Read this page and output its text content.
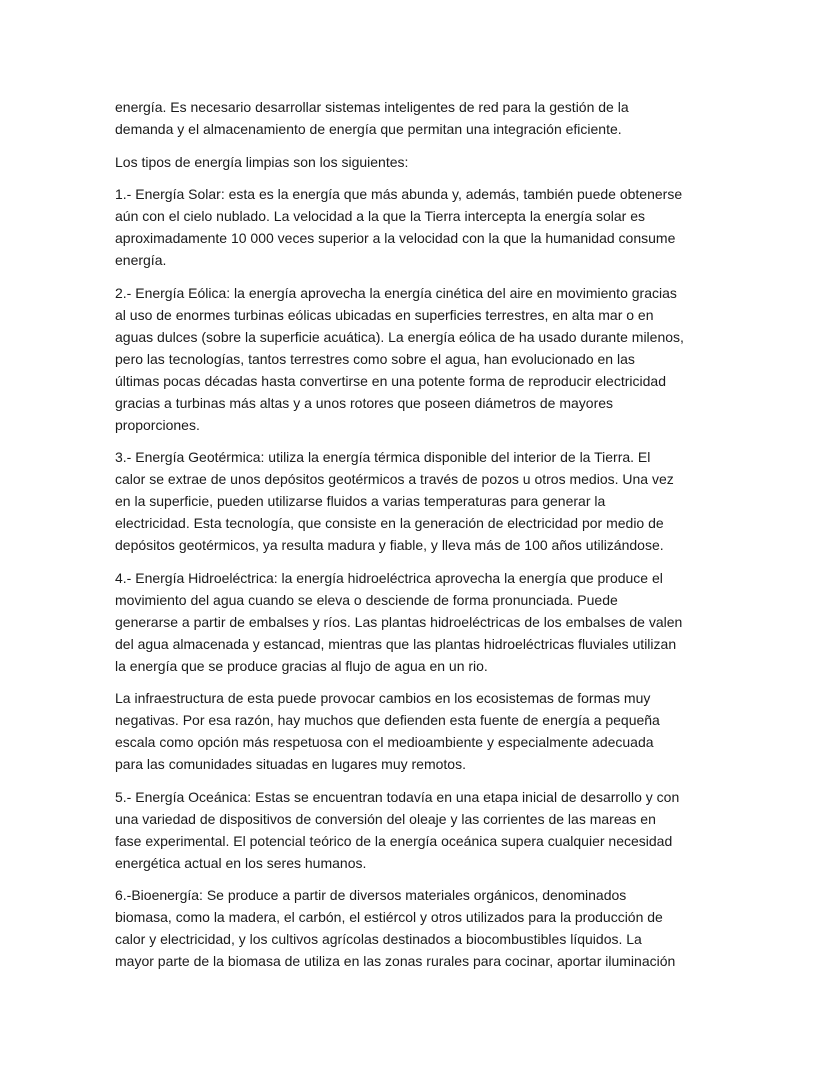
energía. Es necesario desarrollar sistemas inteligentes de red para la gestión de la
demanda y el almacenamiento de energía que permitan una integración eficiente.

Los tipos de energía limpias son los siguientes:

1.- Energía Solar: esta es la energía que más abunda y, además, también puede obtenerse
aún con el cielo nublado. La velocidad a la que la Tierra intercepta la energía solar es
aproximadamente 10 000 veces superior a la velocidad con la que la humanidad consume
energía.

2.- Energía Eólica: la energía aprovecha la energía cinética del aire en movimiento gracias
al uso de enormes turbinas eólicas ubicadas en superficies terrestres, en alta mar o en
aguas dulces (sobre la superficie acuática). La energía eólica de ha usado durante milenos,
pero las tecnologías, tantos terrestres como sobre el agua, han evolucionado en las
últimas pocas décadas hasta convertirse en una potente forma de reproducir electricidad
gracias a turbinas más altas y a unos rotores que poseen diámetros de mayores
proporciones.

3.- Energía Geotérmica: utiliza la energía térmica disponible del interior de la Tierra. El
calor se extrae de unos depósitos geotérmicos a través de pozos u otros medios. Una vez
en la superficie, pueden utilizarse fluidos a varias temperaturas para generar la
electricidad. Esta tecnología, que consiste en la generación de electricidad por medio de
depósitos geotérmicos, ya resulta madura y fiable, y lleva más de 100 años utilizándose.

4.- Energía Hidroeléctrica: la energía hidroeléctrica aprovecha la energía que produce el
movimiento del agua cuando se eleva o desciende de forma pronunciada. Puede
generarse a partir de embalses y ríos. Las plantas hidroeléctricas de los embalses de valen
del agua almacenada y estancad, mientras que las plantas hidroeléctricas fluviales utilizan
la energía que se produce gracias al flujo de agua en un rio.

La infraestructura de esta puede provocar cambios en los ecosistemas de formas muy
negativas. Por esa razón, hay muchos que defienden esta fuente de energía a pequeña
escala como opción más respetuosa con el medioambiente y especialmente adecuada
para las comunidades situadas en lugares muy remotos.

5.- Energía Oceánica: Estas se encuentran todavía en una etapa inicial de desarrollo y con
una variedad de dispositivos de conversión del oleaje y las corrientes de las mareas en
fase experimental. El potencial teórico de la energía oceánica supera cualquier necesidad
energética actual en los seres humanos.

6.-Bioenergía: Se produce a partir de diversos materiales orgánicos, denominados
biomasa, como la madera, el carbón, el estiércol y otros utilizados para la producción de
calor y electricidad, y los cultivos agrícolas destinados a biocombustibles líquidos. La
mayor parte de la biomasa de utiliza en las zonas rurales para cocinar, aportar iluminación
